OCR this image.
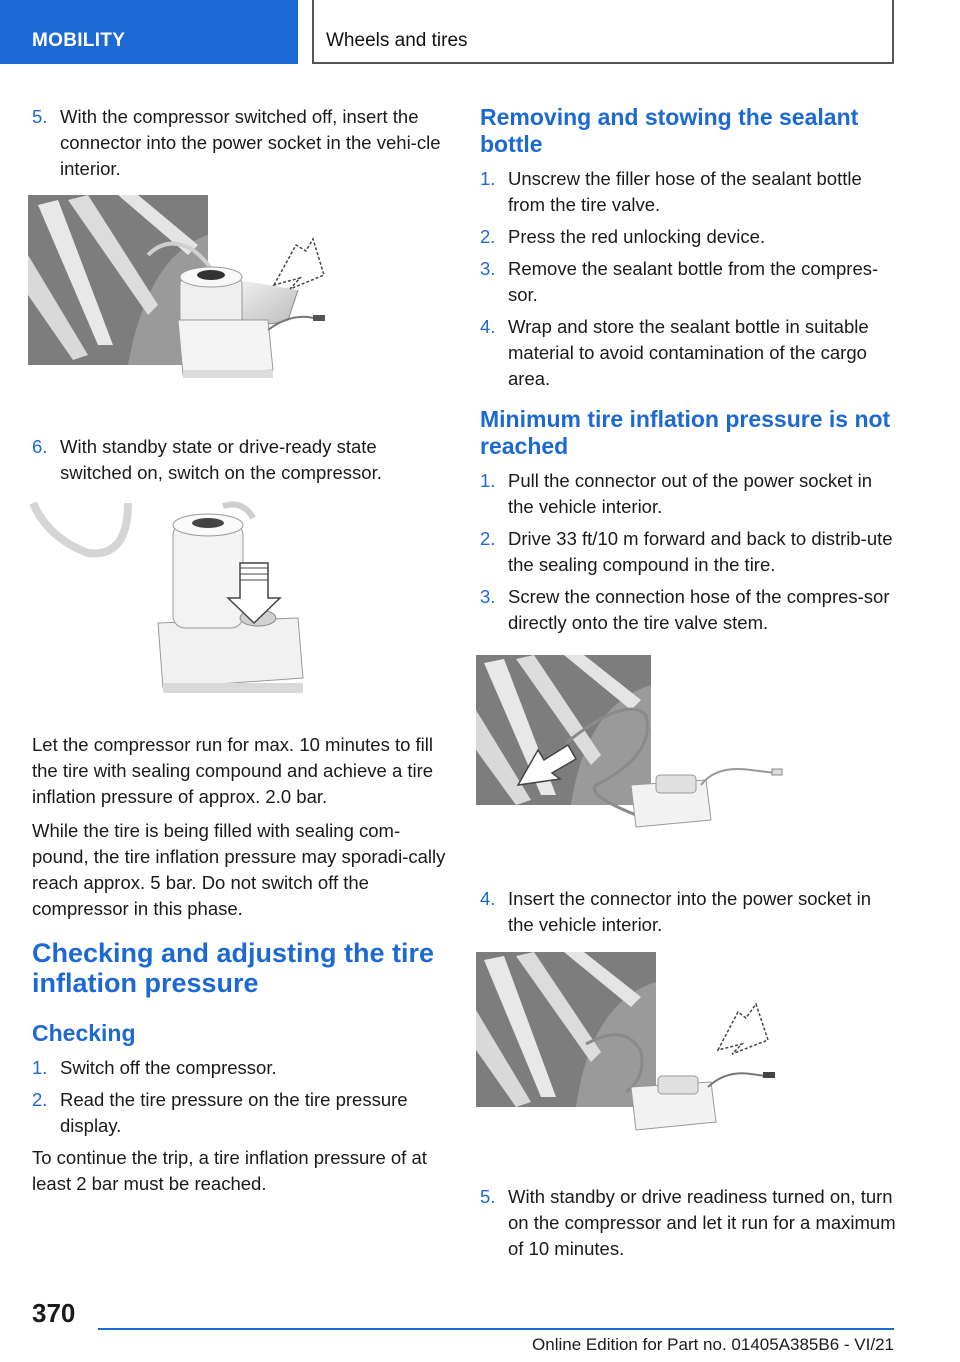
MOBILITY	Wheels and tires
5. With the compressor switched off, insert the connector into the power socket in the vehi-cle interior.
6. With standby state or drive-ready state switched on, switch on the compressor.

Let the compressor run for max. 10 minutes to fill the tire with sealing compound and achieve a tire inflation pressure of approx. 2.0 bar.

While the tire is being filled with sealing com-pound, the tire inflation pressure may sporadi-cally reach approx. 5 bar. Do not switch off the compressor in this phase.

Checking and adjusting the tire inflation pressure
Checking
1. Switch off the compressor.
2. Read the tire pressure on the tire pressure display.

To continue the trip, a tire inflation pressure of at least 2 bar must be reached.

Removing and stowing the sealant bottle
1. Unscrew the filler hose of the sealant bottle from the tire valve.
2. Press the red unlocking device.
3. Remove the sealant bottle from the compres-sor.
4. Wrap and store the sealant bottle in suitable material to avoid contamination of the cargo area.
Minimum tire inflation pressure is not reached
1. Pull the connector out of the power socket in the vehicle interior.
2. Drive 33 ft/10 m forward and back to distrib-ute the sealing compound in the tire.
3. Screw the connection hose of the compres-sor directly onto the tire valve stem.
4. Insert the connector into the power socket in the vehicle interior.
5. With standby or drive readiness turned on, turn on the compressor and let it run for a maximum of 10 minutes.
370
Online Edition for Part no. 01405A385B6 - VI/21
